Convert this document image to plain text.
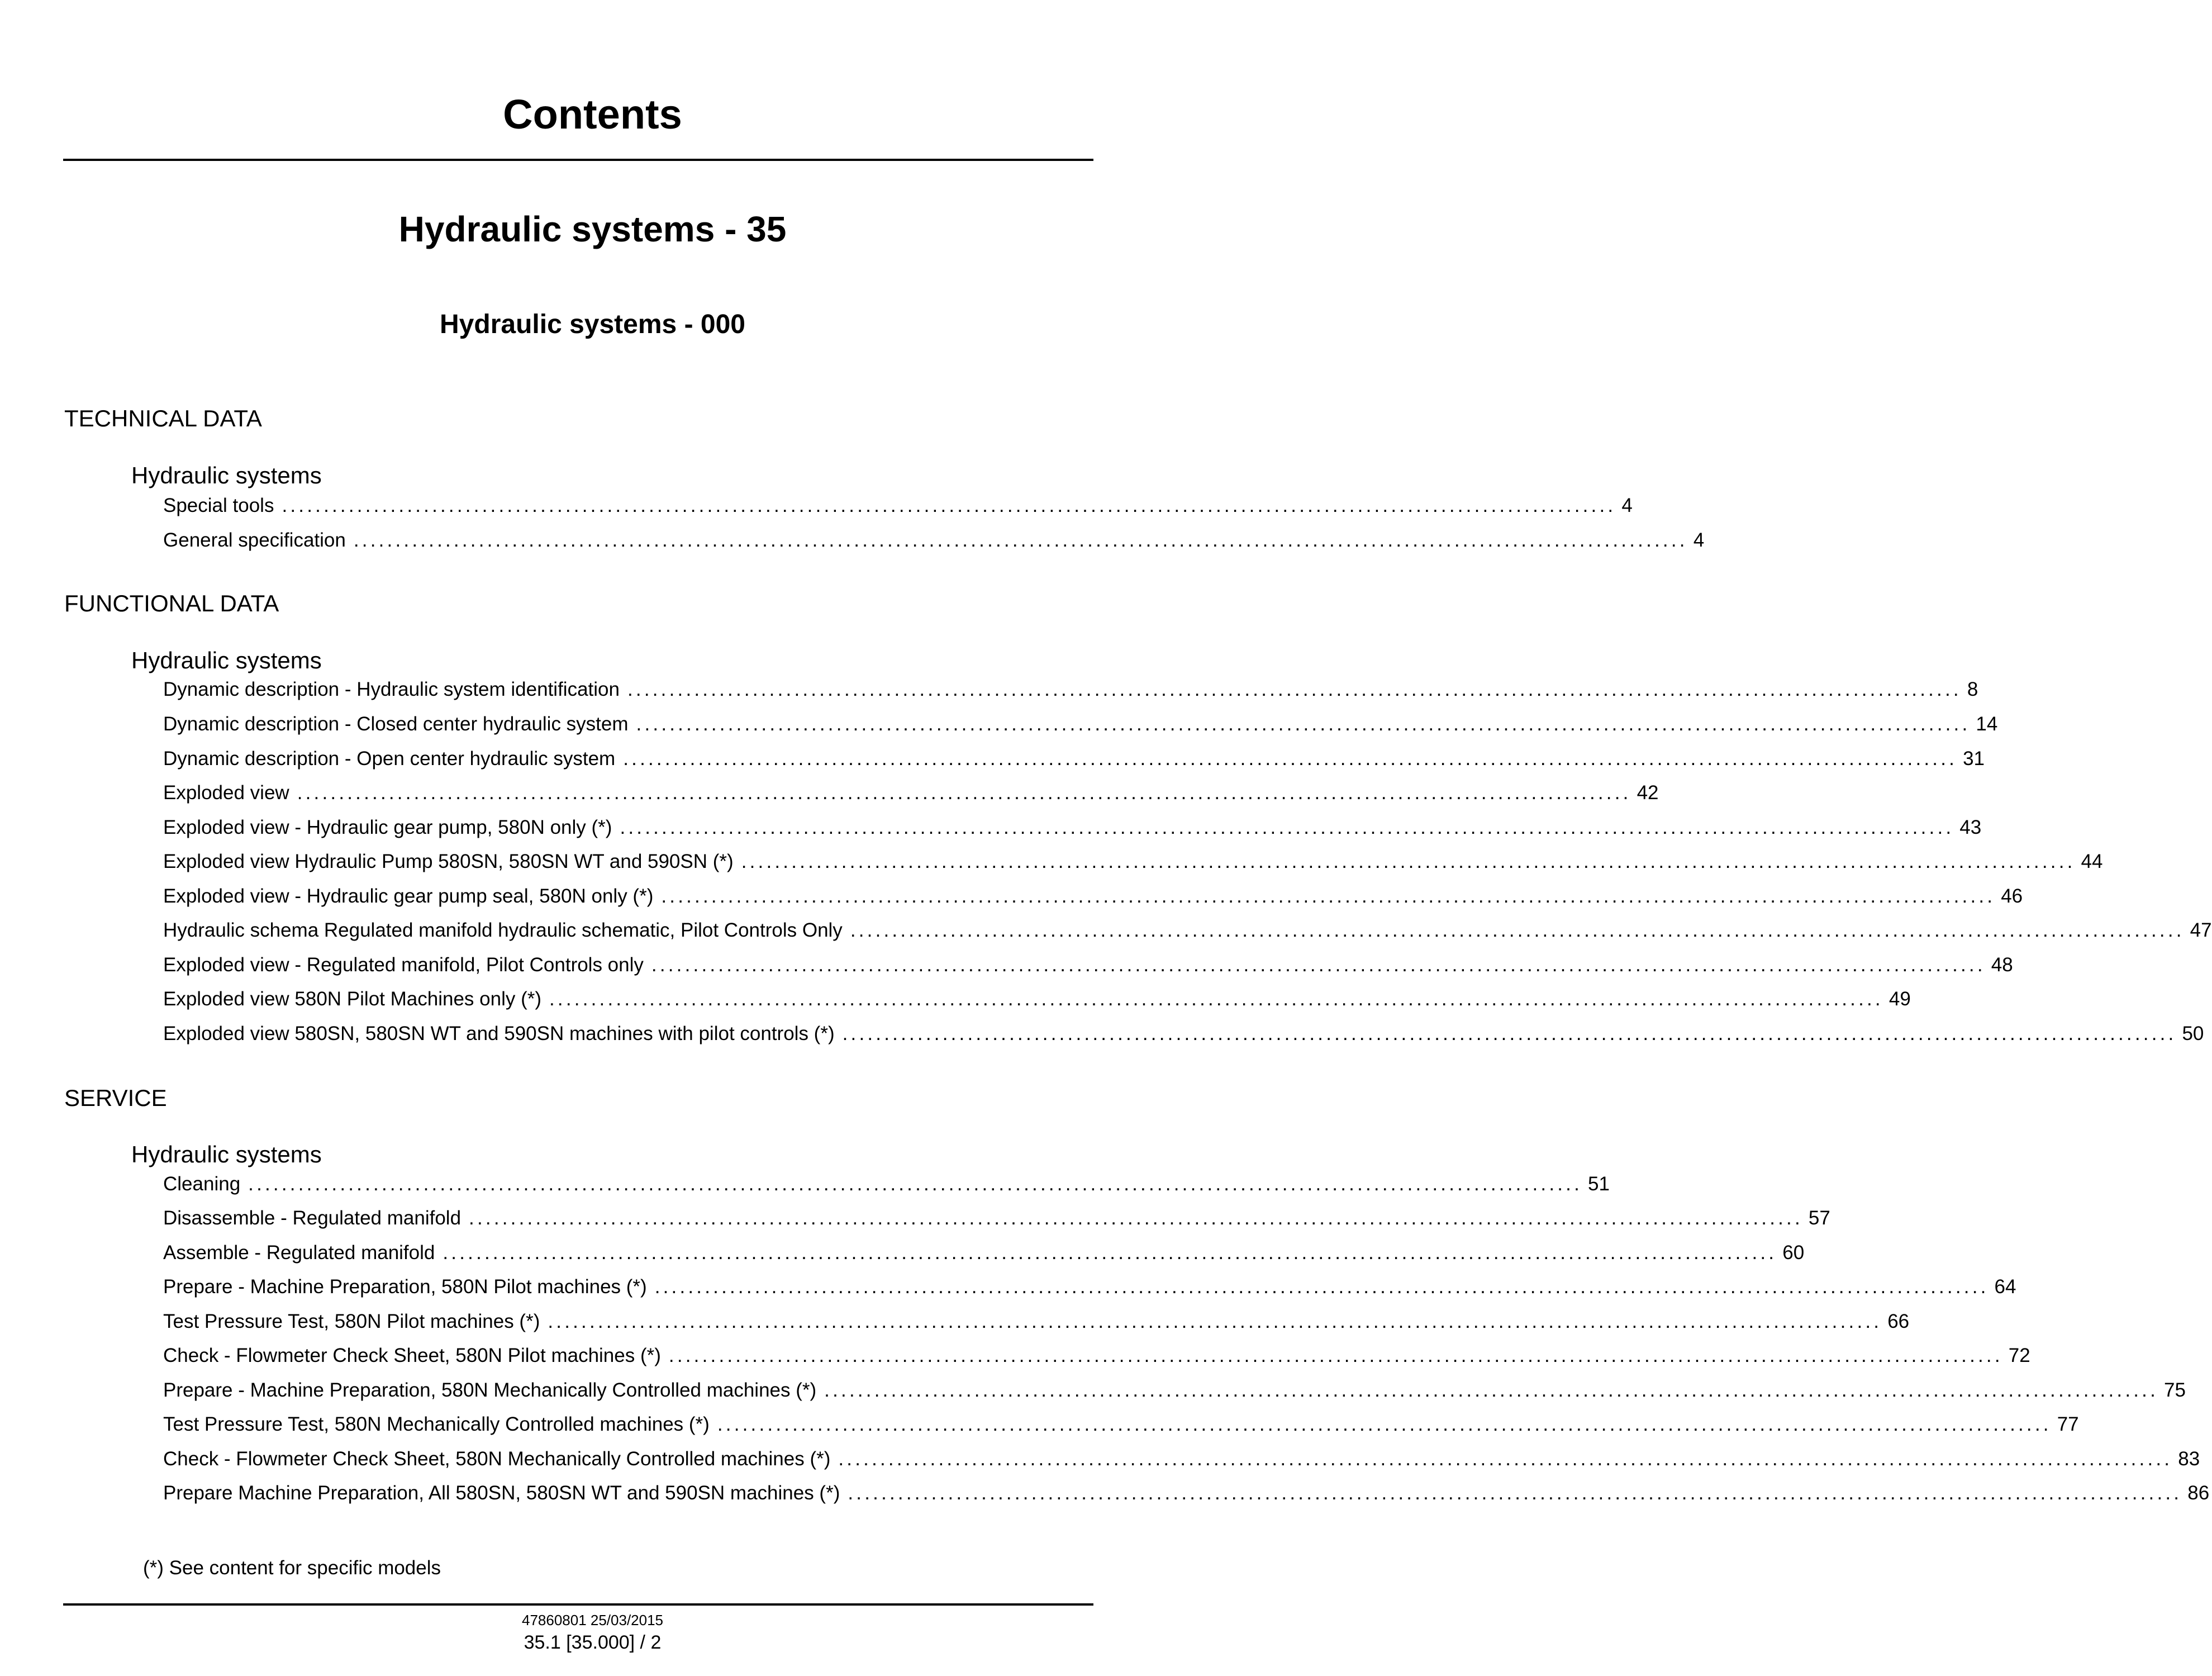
Contents
Hydraulic systems - 35
Hydraulic systems - 000
TECHNICAL DATA
Hydraulic systems
Special tools ................................................................................................................................................................ 4
General specification ................................................................................................................................................................ 4
FUNCTIONAL DATA
Hydraulic systems
Dynamic description - Hydraulic system identification ................................................................................................................................................................ 8
Dynamic description - Closed center hydraulic system ................................................................................................................................................................ 14
Dynamic description - Open center hydraulic system ................................................................................................................................................................ 31
Exploded view ................................................................................................................................................................ 42
Exploded view - Hydraulic gear pump, 580N only (*) ................................................................................................................................................................ 43
Exploded view Hydraulic Pump 580SN, 580SN WT and 590SN (*) ................................................................................................................................................................ 44
Exploded view - Hydraulic gear pump seal, 580N only (*) ................................................................................................................................................................ 46
Hydraulic schema Regulated manifold hydraulic schematic, Pilot Controls Only ................................................................................................................................................................ 47
Exploded view - Regulated manifold, Pilot Controls only ................................................................................................................................................................ 48
Exploded view 580N Pilot Machines only (*) ................................................................................................................................................................ 49
Exploded view 580SN, 580SN WT and 590SN machines with pilot controls (*) ................................................................................................................................................................ 50
SERVICE
Hydraulic systems
Cleaning ................................................................................................................................................................ 51
Disassemble - Regulated manifold ................................................................................................................................................................ 57
Assemble - Regulated manifold ................................................................................................................................................................ 60
Prepare - Machine Preparation, 580N Pilot machines (*) ................................................................................................................................................................ 64
Test Pressure Test, 580N Pilot machines (*) ................................................................................................................................................................ 66
Check - Flowmeter Check Sheet, 580N Pilot machines (*) ................................................................................................................................................................ 72
Prepare - Machine Preparation, 580N Mechanically Controlled machines (*) ................................................................................................................................................................ 75
Test Pressure Test, 580N Mechanically Controlled machines (*) ................................................................................................................................................................ 77
Check - Flowmeter Check Sheet, 580N Mechanically Controlled machines (*) ................................................................................................................................................................ 83
Prepare Machine Preparation, All 580SN, 580SN WT and 590SN machines (*) ................................................................................................................................................................ 86
(*) See content for specific models
47860801 25/03/2015
35.1 [35.000] / 2
